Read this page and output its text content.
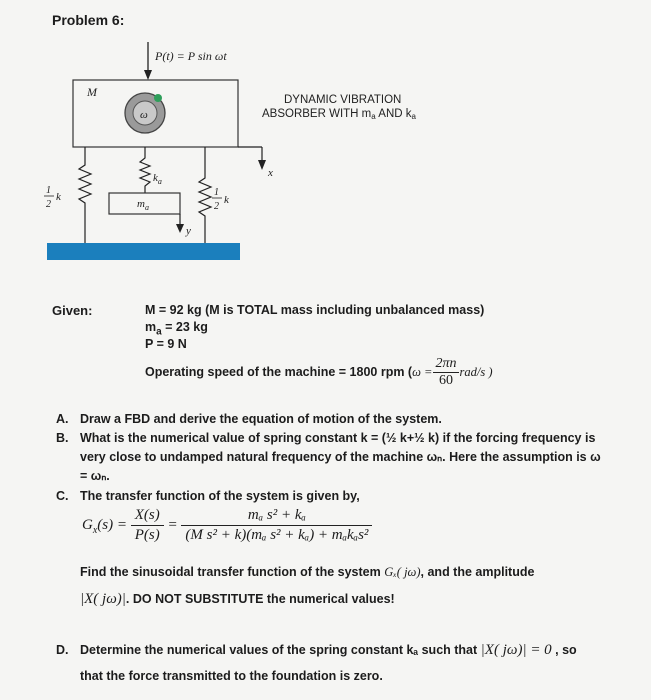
Problem 6:
P(t) = P sin ωt
M
ω
x
1
2
k
$k_a$
$m_a$
y
1
2
k
DYNAMIC VIBRATION
ABSORBER WITH ma AND ka
Given:	M = 92 kg (M is TOTAL mass including unbalanced mass)
$m_a = 23$ kg
P = 9 N
Operating speed of the machine = 1800 rpm ($\omega = \frac{2\pi n}{60} rad/s$ )
A. Draw a FBD and derive the equation of motion of the system.
B. What is the numerical value of spring constant k = (½ k+½ k) if the forcing frequency is
very close to undamped natural frequency of the machine ωₙ. Here the assumption is ω
= ωₙ.
C. The transfer function of the system is given by,
$G_x(s) = \frac{X(s)}{P(s)} = \frac{\text{mₐ s² + kₐ}}{\text{(M s² + k)(mₐ s² + kₐ) + mₐkₐs²}}$
Find the sinusoidal transfer function of the system Gₓ( jω), and the amplitude
|X( jω)|. DO NOT SUBSTITUTE the numerical values!
D. Determine the numerical values of the spring constant kₐ such that |X( jω)| = 0 , so
that the force transmitted to the foundation is zero.
